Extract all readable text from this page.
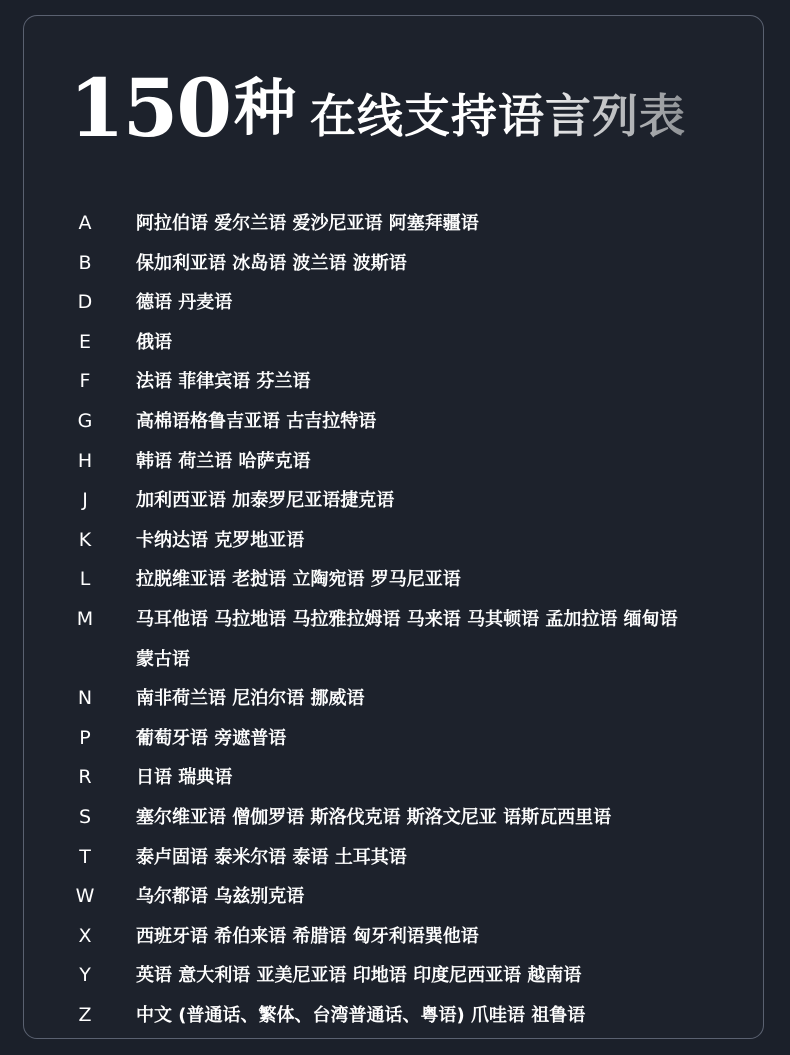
150 种 在线支持语言列表
A	阿拉伯语 爱尔兰语 爱沙尼亚语 阿塞拜疆语
B	保加利亚语 冰岛语 波兰语 波斯语
D	德语 丹麦语
E	俄语
F	法语 菲律宾语 芬兰语
G	高棉语格鲁吉亚语 古吉拉特语
H	韩语 荷兰语 哈萨克语
J	加利西亚语 加泰罗尼亚语捷克语
K	卡纳达语 克罗地亚语
L	拉脱维亚语 老挝语 立陶宛语 罗马尼亚语
M	马耳他语 马拉地语 马拉雅拉姆语 马来语 马其顿语 孟加拉语 缅甸语
蒙古语
N	南非荷兰语 尼泊尔语 挪威语
P	葡萄牙语 旁遮普语
R	日语 瑞典语
S	塞尔维亚语 僧伽罗语 斯洛伐克语 斯洛文尼亚 语斯瓦西里语
T	泰卢固语 泰米尔语 泰语 土耳其语
W	乌尔都语 乌兹别克语
X	西班牙语 希伯来语 希腊语 匈牙利语巽他语
Y	英语 意大利语 亚美尼亚语 印地语 印度尼西亚语 越南语
Z	中文 (普通话、繁体、台湾普通话、粤语) 爪哇语 祖鲁语
